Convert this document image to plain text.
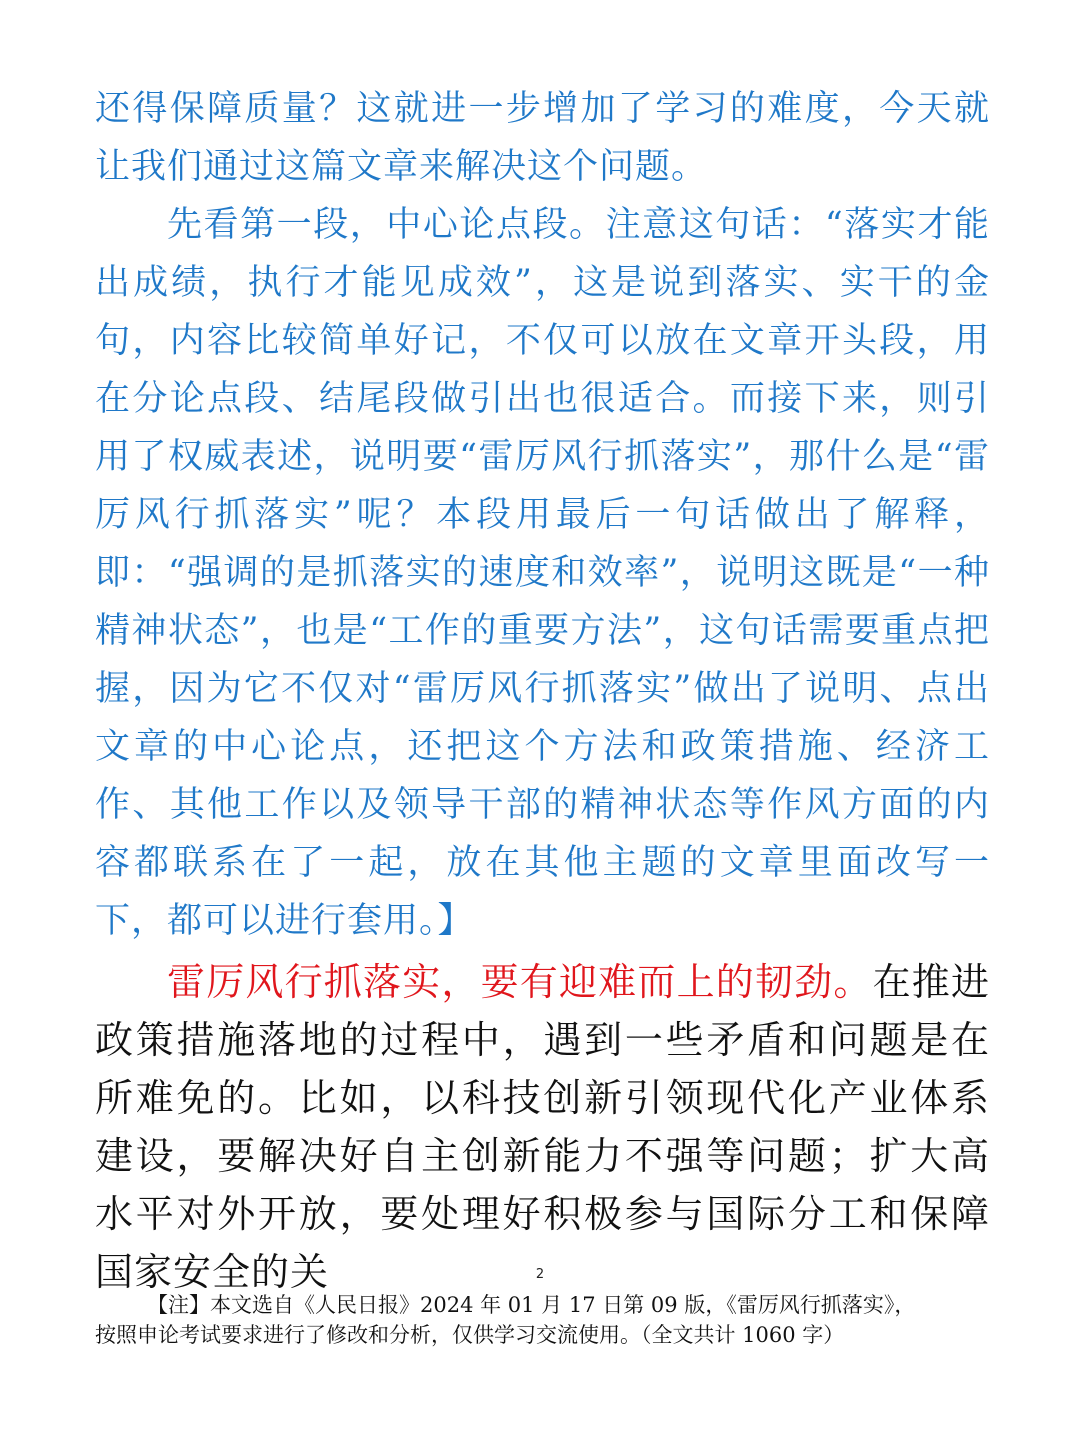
还得保障质量？这就进一步增加了学习的难度，今天就让我们通过这篇文章来解决这个问题。

先看第一段，中心论点段。注意这句话：“落实才能出成绩，执行才能见成效”，这是说到落实、实干的金句，内容比较简单好记，不仅可以放在文章开头段，用在分论点段、结尾段做引出也很适合。而接下来，则引用了权威表述，说明要“雷厉风行抓落实”，那什么是“雷厉风行抓落实”呢？本段用最后一句话做出了解释，即：“强调的是抓落实的速度和效率”，说明这既是“一种精神状态”，也是“工作的重要方法”，这句话需要重点把握，因为它不仅对“雷厉风行抓落实”做出了说明、点出文章的中心论点，还把这个方法和政策措施、经济工作、其他工作以及领导干部的精神状态等作风方面的内容都联系在了一起，放在其他主题的文章里面改写一下，都可以进行套用。】

雷厉风行抓落实，要有迎难而上的韧劲。在推进政策措施落地的过程中，遇到一些矛盾和问题是在所难免的。比如，以科技创新引领现代化产业体系建设，要解决好自主创新能力不强等问题；扩大高水平对外开放，要处理好积极参与国际分工和保障国家安全的关	2

【注】本文选自《人民日报》2024 年 01 月 17 日第 09 版，《雷厉风行抓落实》，
按照申论考试要求进行了修改和分析，仅供学习交流使用。（全文共计 1060 字）
